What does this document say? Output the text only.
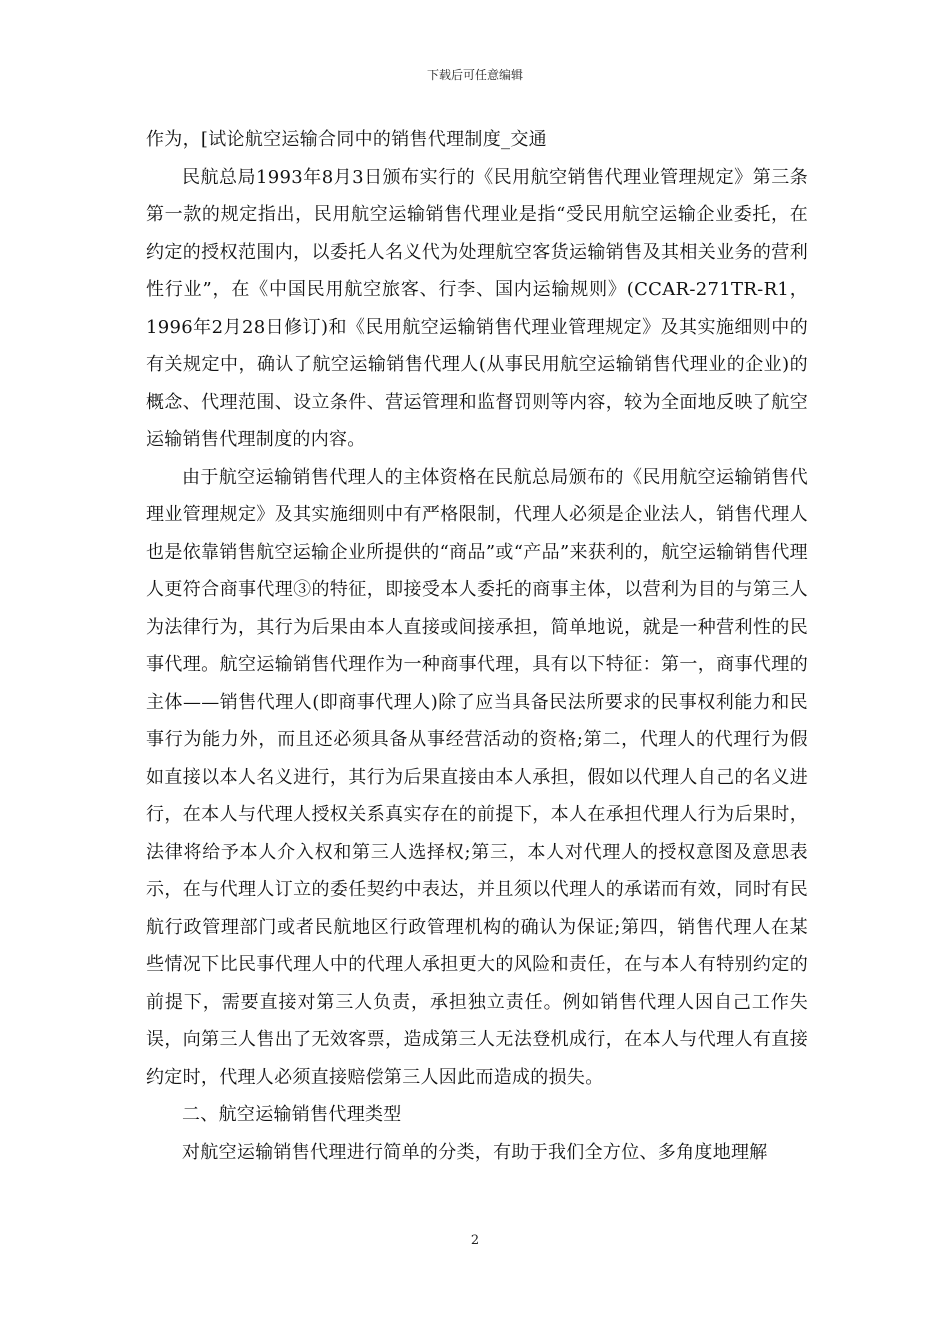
下载后可任意编辑

作为，[试论航空运输合同中的销售代理制度_交通

民航总局1993年8月3日颁布实行的《民用航空销售代理业管理规定》第三条第一款的规定指出，民用航空运输销售代理业是指“受民用航空运输企业委托，在约定的授权范围内，以委托人名义代为处理航空客货运输销售及其相关业务的营利性行业”，在《中国民用航空旅客、行李、国内运输规则》(CCAR-271TR-R1，1996年2月28日修订)和《民用航空运输销售代理业管理规定》及其实施细则中的有关规定中，确认了航空运输销售代理人(从事民用航空运输销售代理业的企业)的概念、代理范围、设立条件、营运管理和监督罚则等内容，较为全面地反映了航空运输销售代理制度的内容。

由于航空运输销售代理人的主体资格在民航总局颁布的《民用航空运输销售代理业管理规定》及其实施细则中有严格限制，代理人必须是企业法人，销售代理人也是依靠销售航空运输企业所提供的“商品”或“产品”来获利的，航空运输销售代理人更符合商事代理③的特征，即接受本人委托的商事主体，以营利为目的与第三人为法律行为，其行为后果由本人直接或间接承担，简单地说，就是一种营利性的民事代理。航空运输销售代理作为一种商事代理，具有以下特征：第一，商事代理的主体——销售代理人(即商事代理人)除了应当具备民法所要求的民事权利能力和民事行为能力外，而且还必须具备从事经营活动的资格;第二，代理人的代理行为假如直接以本人名义进行，其行为后果直接由本人承担，假如以代理人自己的名义进行，在本人与代理人授权关系真实存在的前提下，本人在承担代理人行为后果时，法律将给予本人介入权和第三人选择权;第三，本人对代理人的授权意图及意思表示，在与代理人订立的委任契约中表达，并且须以代理人的承诺而有效，同时有民航行政管理部门或者民航地区行政管理机构的确认为保证;第四，销售代理人在某些情况下比民事代理人中的代理人承担更大的风险和责任，在与本人有特别约定的前提下，需要直接对第三人负责，承担独立责任。例如销售代理人因自己工作失误，向第三人售出了无效客票，造成第三人无法登机成行，在本人与代理人有直接约定时，代理人必须直接赔偿第三人因此而造成的损失。

二、航空运输销售代理类型

对航空运输销售代理进行简单的分类，有助于我们全方位、多角度地理解

2
